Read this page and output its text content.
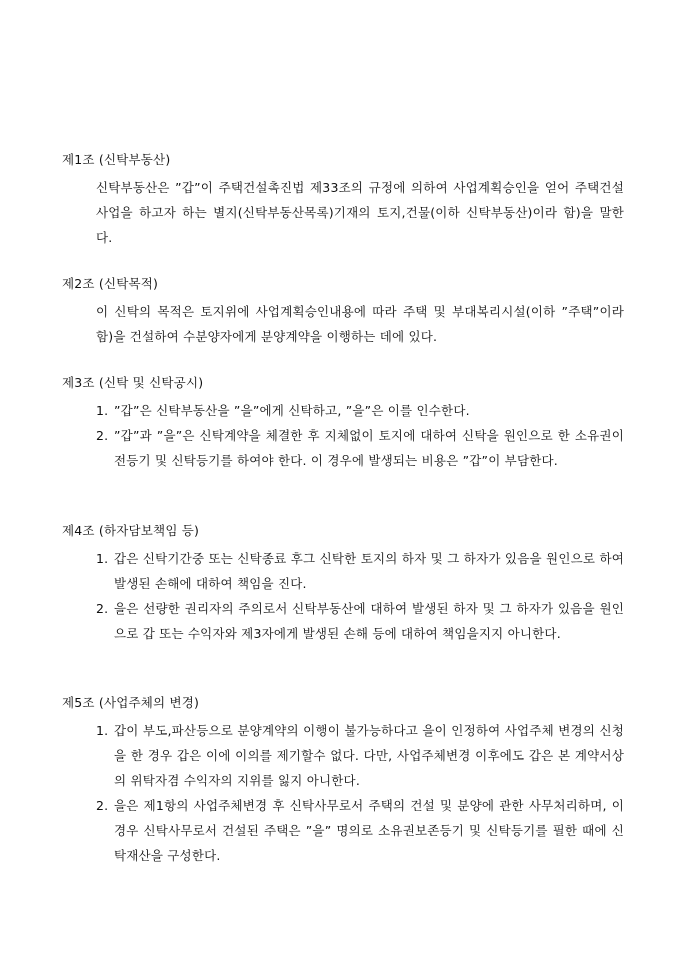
제1조 (신탁부동산)
신탁부동산은 ”갑”이 주택건설촉진법 제33조의 규정에 의하여 사업계획승인을 얻어 주택건설사업을 하고자 하는 별지(신탁부동산목록)기재의 토지,건물(이하 신탁부동산)이라 함)을 말한다.
제2조 (신탁목적)
이 신탁의 목적은 토지위에 사업계획승인내용에 따라 주택 및 부대복리시설(이하 ”주택”이라 함)을 건설하여 수분양자에게 분양계약을 이행하는 데에 있다.
제3조 (신탁 및 신탁공시)
1. ”갑”은 신탁부동산을 ”을”에게 신탁하고, ”을”은 이를 인수한다.
2. ”갑”과 ”을”은 신탁계약을 체결한 후 지체없이 토지에 대하여 신탁을 원인으로 한 소유권이전등기 및 신탁등기를 하여야 한다. 이 경우에 발생되는 비용은 ”갑”이 부담한다.
제4조 (하자담보책임 등)
1. 갑은 신탁기간중 또는 신탁종료 후그 신탁한 토지의 하자 및 그 하자가 있음을 원인으로 하여 발생된 손해에 대하여 책임을 진다.
2. 을은 선량한 권리자의 주의로서 신탁부동산에 대하여 발생된 하자 및 그 하자가 있음을 원인으로 갑 또는 수익자와 제3자에게 발생된 손해 등에 대하여 책임을지지 아니한다.
제5조 (사업주체의 변경)
1. 갑이 부도,파산등으로 분양계약의 이행이 불가능하다고 을이 인정하여 사업주체 변경의 신청을 한 경우 갑은 이에 이의를 제기할수 없다. 다만, 사업주체변경 이후에도 갑은 본 계약서상의 위탁자겸 수익자의 지위를 잃지 아니한다.
2. 을은 제1항의 사업주체변경 후 신탁사무로서 주택의 건설 및 분양에 관한 사무처리하며, 이 경우 신탁사무로서 건설된 주택은 ”을” 명의로 소유권보존등기 및 신탁등기를 필한 때에 신탁재산을 구성한다.
